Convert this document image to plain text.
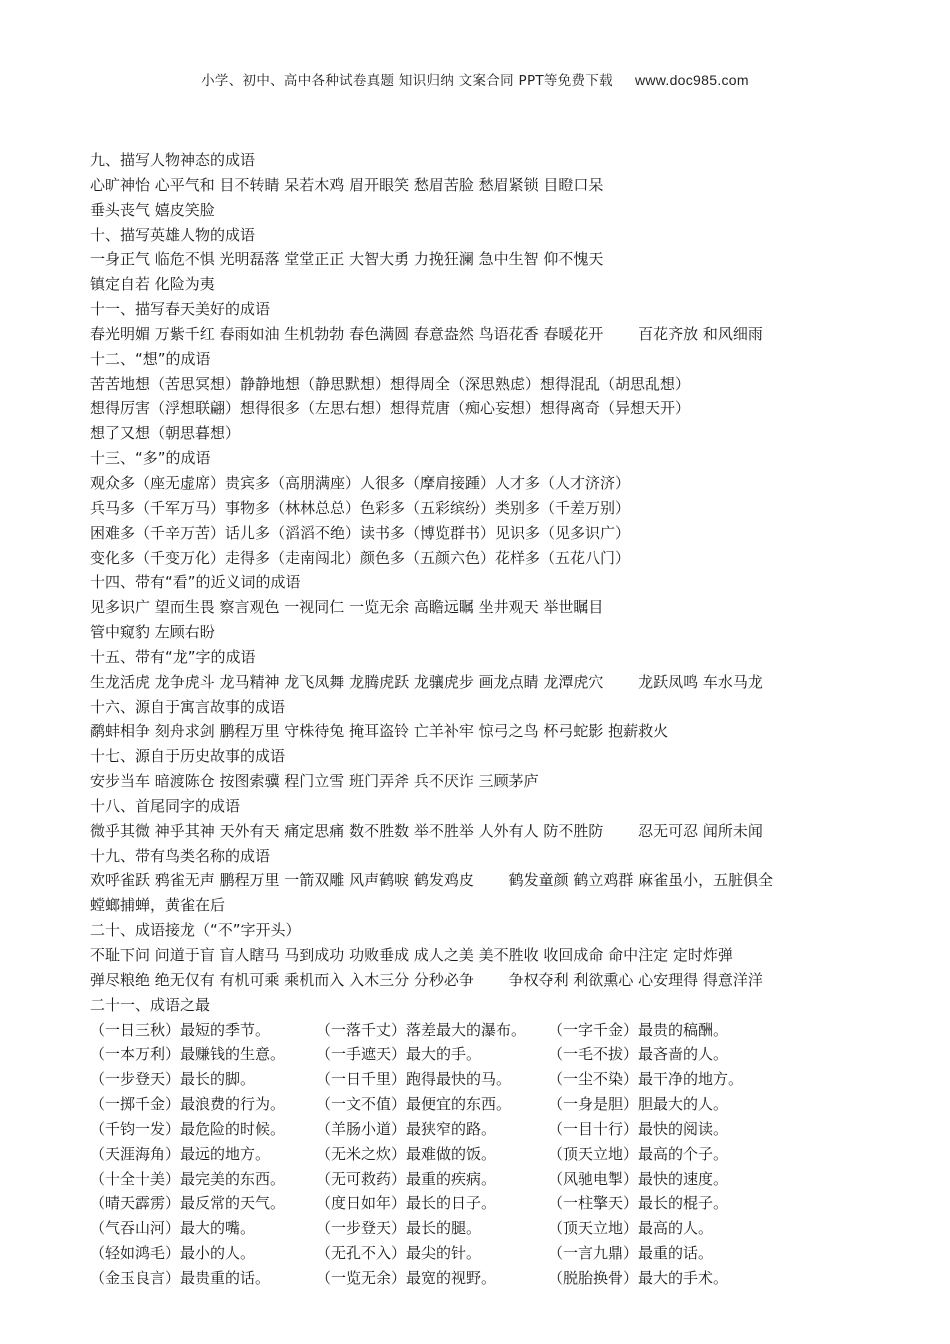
小学、初中、高中各种试卷真题 知识归纳 文案合同 PPT等免费下载 www.doc985.com
九、描写人物神态的成语
心旷神怡 心平气和 目不转睛 呆若木鸡 眉开眼笑 愁眉苦脸 愁眉紧锁 目瞪口呆
垂头丧气 嬉皮笑脸
十、描写英雄人物的成语
一身正气 临危不惧 光明磊落 堂堂正正 大智大勇 力挽狂澜 急中生智 仰不愧天
镇定自若 化险为夷
十一、描写春天美好的成语
春光明媚 万紫千红 春雨如油 生机勃勃 春色满圆 春意盎然 鸟语花香 春暖花开 　　百花齐放 和风细雨
十二、“想”的成语
苦苦地想（苦思冥想）静静地想（静思默想）想得周全（深思熟虑）想得混乱（胡思乱想）
想得厉害（浮想联翩）想得很多（左思右想）想得荒唐（痴心妄想）想得离奇（异想天开）
想了又想（朝思暮想）
十三、“多”的成语
观众多（座无虚席）贵宾多（高朋满座）人很多（摩肩接踵）人才多（人才济济）
兵马多（千军万马）事物多（林林总总）色彩多（五彩缤纷）类别多（千差万别）
困难多（千辛万苦）话儿多（滔滔不绝）读书多（博览群书）见识多（见多识广）
变化多（千变万化）走得多（走南闯北）颜色多（五颜六色）花样多（五花八门）
十四、带有“看”的近义词的成语
见多识广 望而生畏 察言观色 一视同仁 一览无余 高瞻远瞩 坐井观天 举世瞩目
管中窥豹 左顾右盼
十五、带有“龙”字的成语
生龙活虎 龙争虎斗 龙马精神 龙飞凤舞 龙腾虎跃 龙骧虎步 画龙点睛 龙潭虎穴 　　龙跃凤鸣 车水马龙
十六、源自于寓言故事的成语
鹬蚌相争 刻舟求剑 鹏程万里 守株待兔 掩耳盗铃 亡羊补牢 惊弓之鸟 杯弓蛇影 抱薪救火
十七、源自于历史故事的成语
安步当车 暗渡陈仓 按图索骥 程门立雪 班门弄斧 兵不厌诈 三顾茅庐
十八、首尾同字的成语
微乎其微 神乎其神 天外有天 痛定思痛 数不胜数 举不胜举 人外有人 防不胜防 　　忍无可忍 闻所未闻
十九、带有鸟类名称的成语
欢呼雀跃 鸦雀无声 鹏程万里 一箭双雕 风声鹤唳 鹤发鸡皮 　　鹤发童颜 鹤立鸡群 麻雀虽小，五脏俱全
螳螂捕蝉，黄雀在后
二十、成语接龙（“不”字开头）
不耻下问 问道于盲 盲人瞎马 马到成功 功败垂成 成人之美 美不胜收 收回成命 命中注定 定时炸弹
弹尽粮绝 绝无仅有 有机可乘 乘机而入 入木三分 分秒必争 　　争权夺利 利欲熏心 心安理得 得意洋洋
二十一、成语之最
（一日三秋）最短的季节。	（一落千丈）落差最大的瀑布。 （一字千金）最贵的稿酬。
（一本万利）最赚钱的生意。 （一手遮天）最大的手。	（一毛不拔）最吝啬的人。
（一步登天）最长的脚。	（一日千里）跑得最快的马。 （一尘不染）最干净的地方。
（一掷千金）最浪费的行为。 （一文不值）最便宜的东西。 （一身是胆）胆最大的人。
（千钧一发）最危险的时候。 （羊肠小道）最狭窄的路。	（一目十行）最快的阅读。
（天涯海角）最远的地方。	（无米之炊）最难做的饭。	（顶天立地）最高的个子。
（十全十美）最完美的东西。 （无可救药）最重的疾病。	（风驰电掣）最快的速度。
（晴天霹雳）最反常的天气。 （度日如年）最长的日子。	（一柱擎天）最长的棍子。
（气吞山河）最大的嘴。	（一步登天）最长的腿。	（顶天立地）最高的人。
（轻如鸿毛）最小的人。	（无孔不入）最尖的针。	（一言九鼎）最重的话。
（金玉良言）最贵重的话。	（一览无余）最宽的视野。	（脱胎换骨）最大的手术。
